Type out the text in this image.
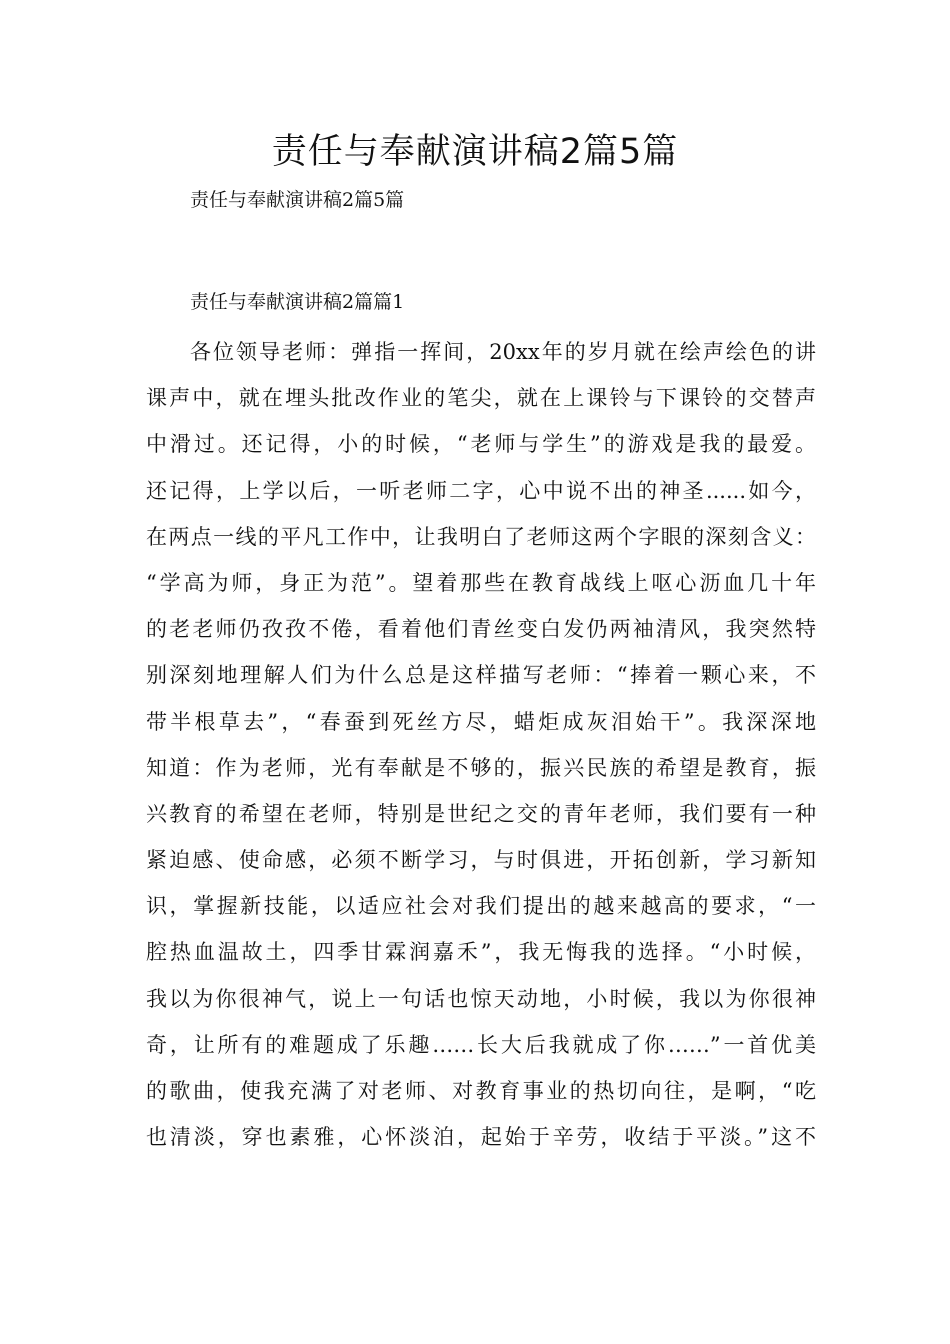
责任与奉献演讲稿2篇5篇

责任与奉献演讲稿2篇5篇

责任与奉献演讲稿2篇篇1

各位领导老师：弹指一挥间，20xx年的岁月就在绘声绘色的讲
课声中，就在埋头批改作业的笔尖，就在上课铃与下课铃的交替声
中滑过。还记得，小的时候，“老师与学生”的游戏是我的最爱。
还记得，上学以后，一听老师二字，心中说不出的神圣......如今，
在两点一线的平凡工作中，让我明白了老师这两个字眼的深刻含义：
“学高为师，身正为范”。望着那些在教育战线上呕心沥血几十年
的老老师仍孜孜不倦，看着他们青丝变白发仍两袖清风，我突然特
别深刻地理解人们为什么总是这样描写老师：“捧着一颗心来，不
带半根草去”，“春蚕到死丝方尽，蜡炬成灰泪始干”。我深深地
知道：作为老师，光有奉献是不够的，振兴民族的希望是教育，振
兴教育的希望在老师，特别是世纪之交的青年老师，我们要有一种
紧迫感、使命感，必须不断学习，与时俱进，开拓创新，学习新知
识，掌握新技能，以适应社会对我们提出的越来越高的要求，“一
腔热血温故土，四季甘霖润嘉禾”，我无悔我的选择。“小时候，
我以为你很神气，说上一句话也惊天动地，小时候，我以为你很神
奇，让所有的难题成了乐趣……长大后我就成了你……”一首优美
的歌曲，使我充满了对老师、对教育事业的热切向往，是啊，“吃
也清淡，穿也素雅，心怀淡泊，起始于辛劳，收结于平淡。”这不
